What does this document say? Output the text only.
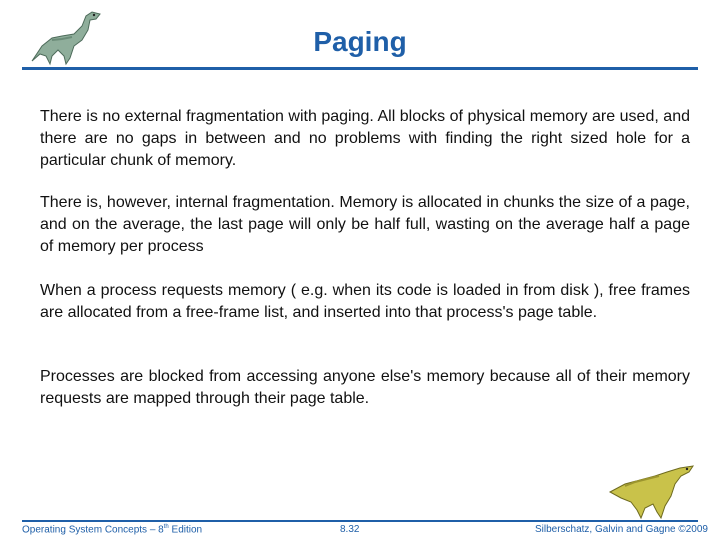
Paging

There is no external fragmentation with paging. All blocks of physical memory are used, and there are no gaps in between and no problems with finding the right sized hole for a particular chunk of memory.

There is, however, internal fragmentation. Memory is allocated in chunks the size of a page, and on the average, the last page will only be half full, wasting on the average half a page of memory per process

When a process requests memory ( e.g. when its code is loaded in from disk ), free frames are allocated from a free-frame list, and inserted into that process's page table.

Processes are blocked from accessing anyone else's memory because all of their memory requests are mapped through their page table.

Operating System Concepts – 8th Edition	8.32	Silberschatz, Galvin and Gagne ©2009
